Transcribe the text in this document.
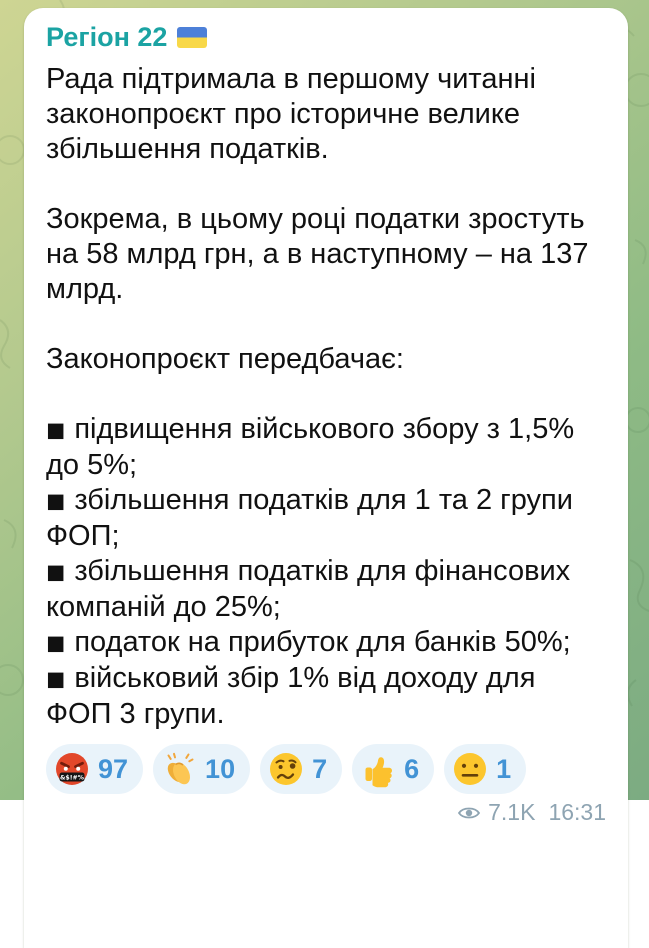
Регіон 22
Рада підтримала в першому читанні законопроєкт про історичне велике збільшення податків.
Зокрема, в цьому році податки зростуть на 58 млрд грн, а в наступному – на 137 млрд.
Законопроєкт передбачає:
■ підвищення військового збору з 1,5% до 5%;
■ збільшення податків для 1 та 2 групи ФОП;
■ збільшення податків для фінансових компаній до 25%;
■ податок на прибуток для банків 50%;
■ військовий збір 1% від доходу для ФОП 3 групи.
&$!#% 97	10	7	6	1
7.1K 16:31
